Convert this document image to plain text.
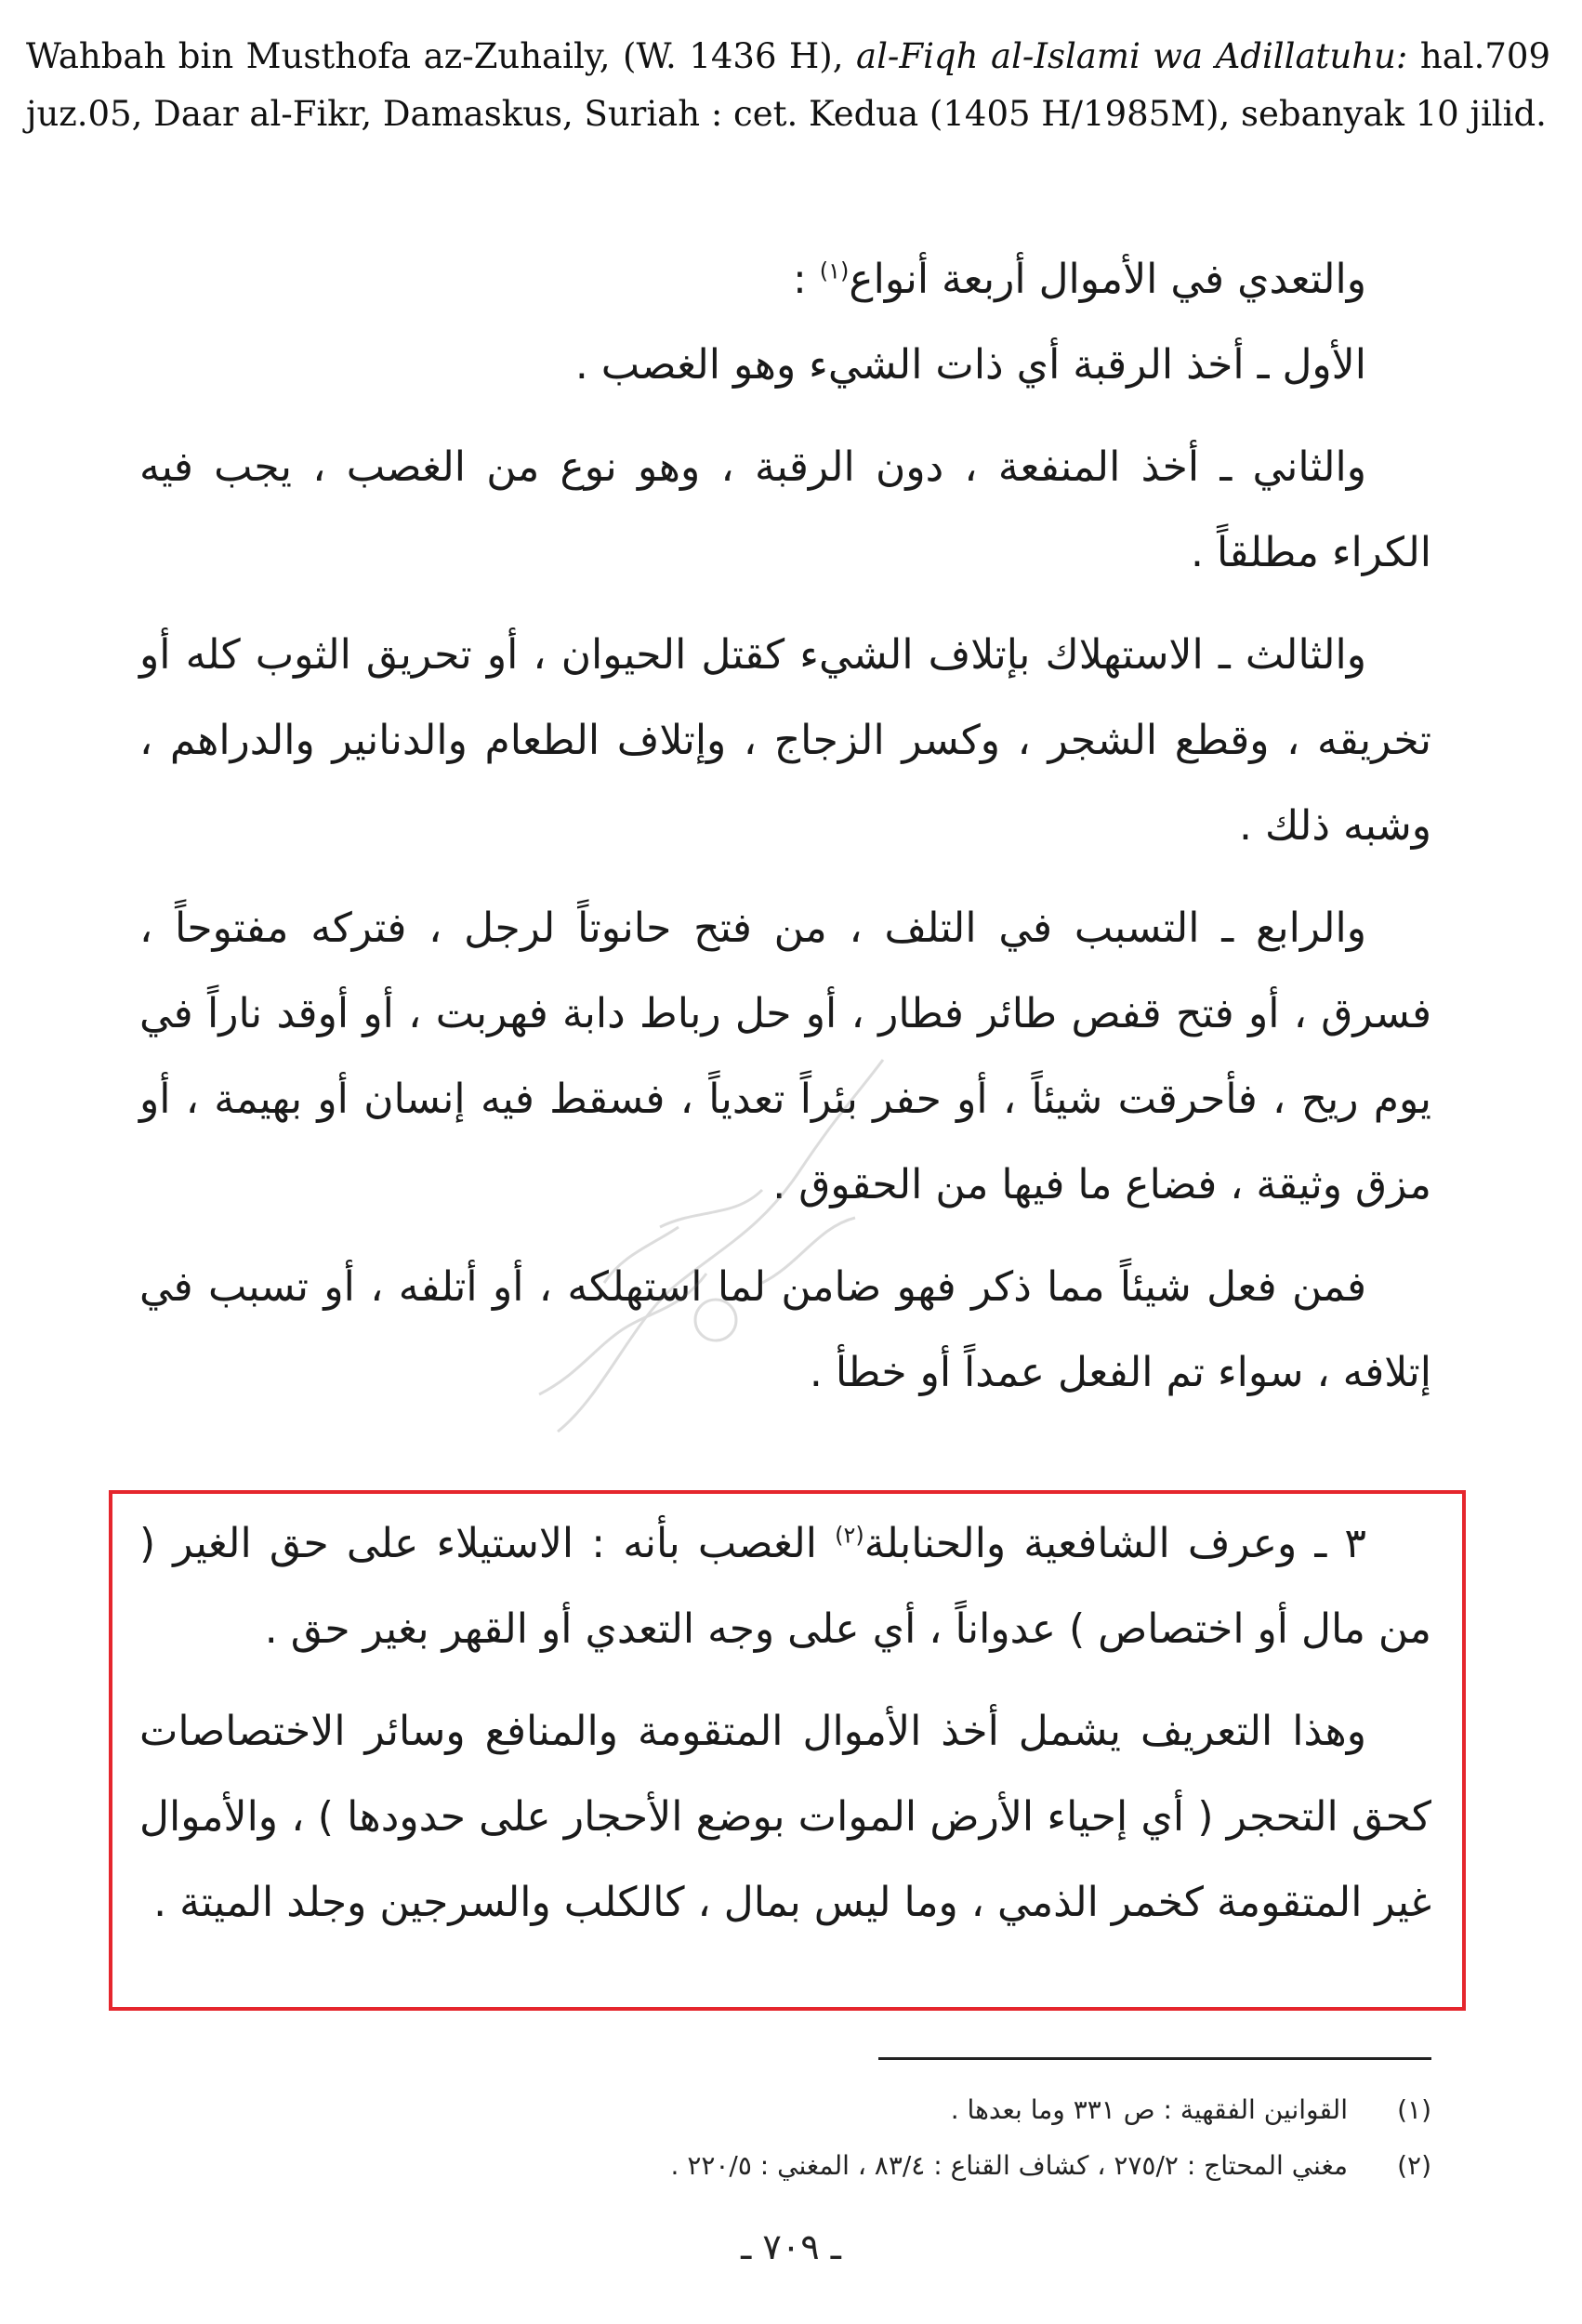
Wahbah bin Musthofa az-Zuhaily, (W. 1436 H), al-Fiqh al-Islami wa Adillatuhu: hal.709 juz.05, Daar al-Fikr, Damaskus, Suriah : cet. Kedua (1405 H/1985M), sebanyak 10 jilid.

والتعدي في الأموال أربعة أنواع$^{(١)}$ :

الأول ـ أخذ الرقبة أي ذات الشيء وهو الغصب .

والثاني ـ أخذ المنفعة ، دون الرقبة ، وهو نوع من الغصب ، يجب فيه الكراء مطلقاً .

والثالث ـ الاستهلاك بإتلاف الشيء كقتل الحيوان ، أو تحريق الثوب كله أو تخريقه ، وقطع الشجر ، وكسر الزجاج ، وإتلاف الطعام والدنانير والدراهم ، وشبه ذلك .

والرابع ـ التسبب في التلف ، من فتح حانوتاً لرجل ، فتركه مفتوحاً ، فسرق ، أو فتح قفص طائر فطار ، أو حل رباط دابة فهربت ، أو أوقد ناراً في يوم ريح ، فأحرقت شيئاً ، أو حفر بئراً تعدياً ، فسقط فيه إنسان أو بهيمة ، أو مزق وثيقة ، فضاع ما فيها من الحقوق .

فمن فعل شيئاً مما ذكر فهو ضامن لما استهلكه ، أو أتلفه ، أو تسبب في إتلافه ، سواء تم الفعل عمداً أو خطأ .

٣ ـ وعرف الشافعية والحنابلة$^{(٢)}$ الغصب بأنه : الاستيلاء على حق الغير ( من مال أو اختصاص ) عدواناً ، أي على وجه التعدي أو القهر بغير حق .

وهذا التعريف يشمل أخذ الأموال المتقومة والمنافع وسائر الاختصاصات كحق التحجر ( أي إحياء الأرض الموات بوضع الأحجار على حدودها ) ، والأموال غير المتقومة كخمر الذمي ، وما ليس بمال ، كالكلب والسرجين وجلد الميتة .

(١)
القوانين الفقهية : ص ٣٣١ وما بعدها .
(٢)
مغني المحتاج : ٢٧٥/٢ ، كشاف القناع : ٨٣/٤ ، المغني : ٢٢٠/٥ .
ـ ٧٠٩ ـ
